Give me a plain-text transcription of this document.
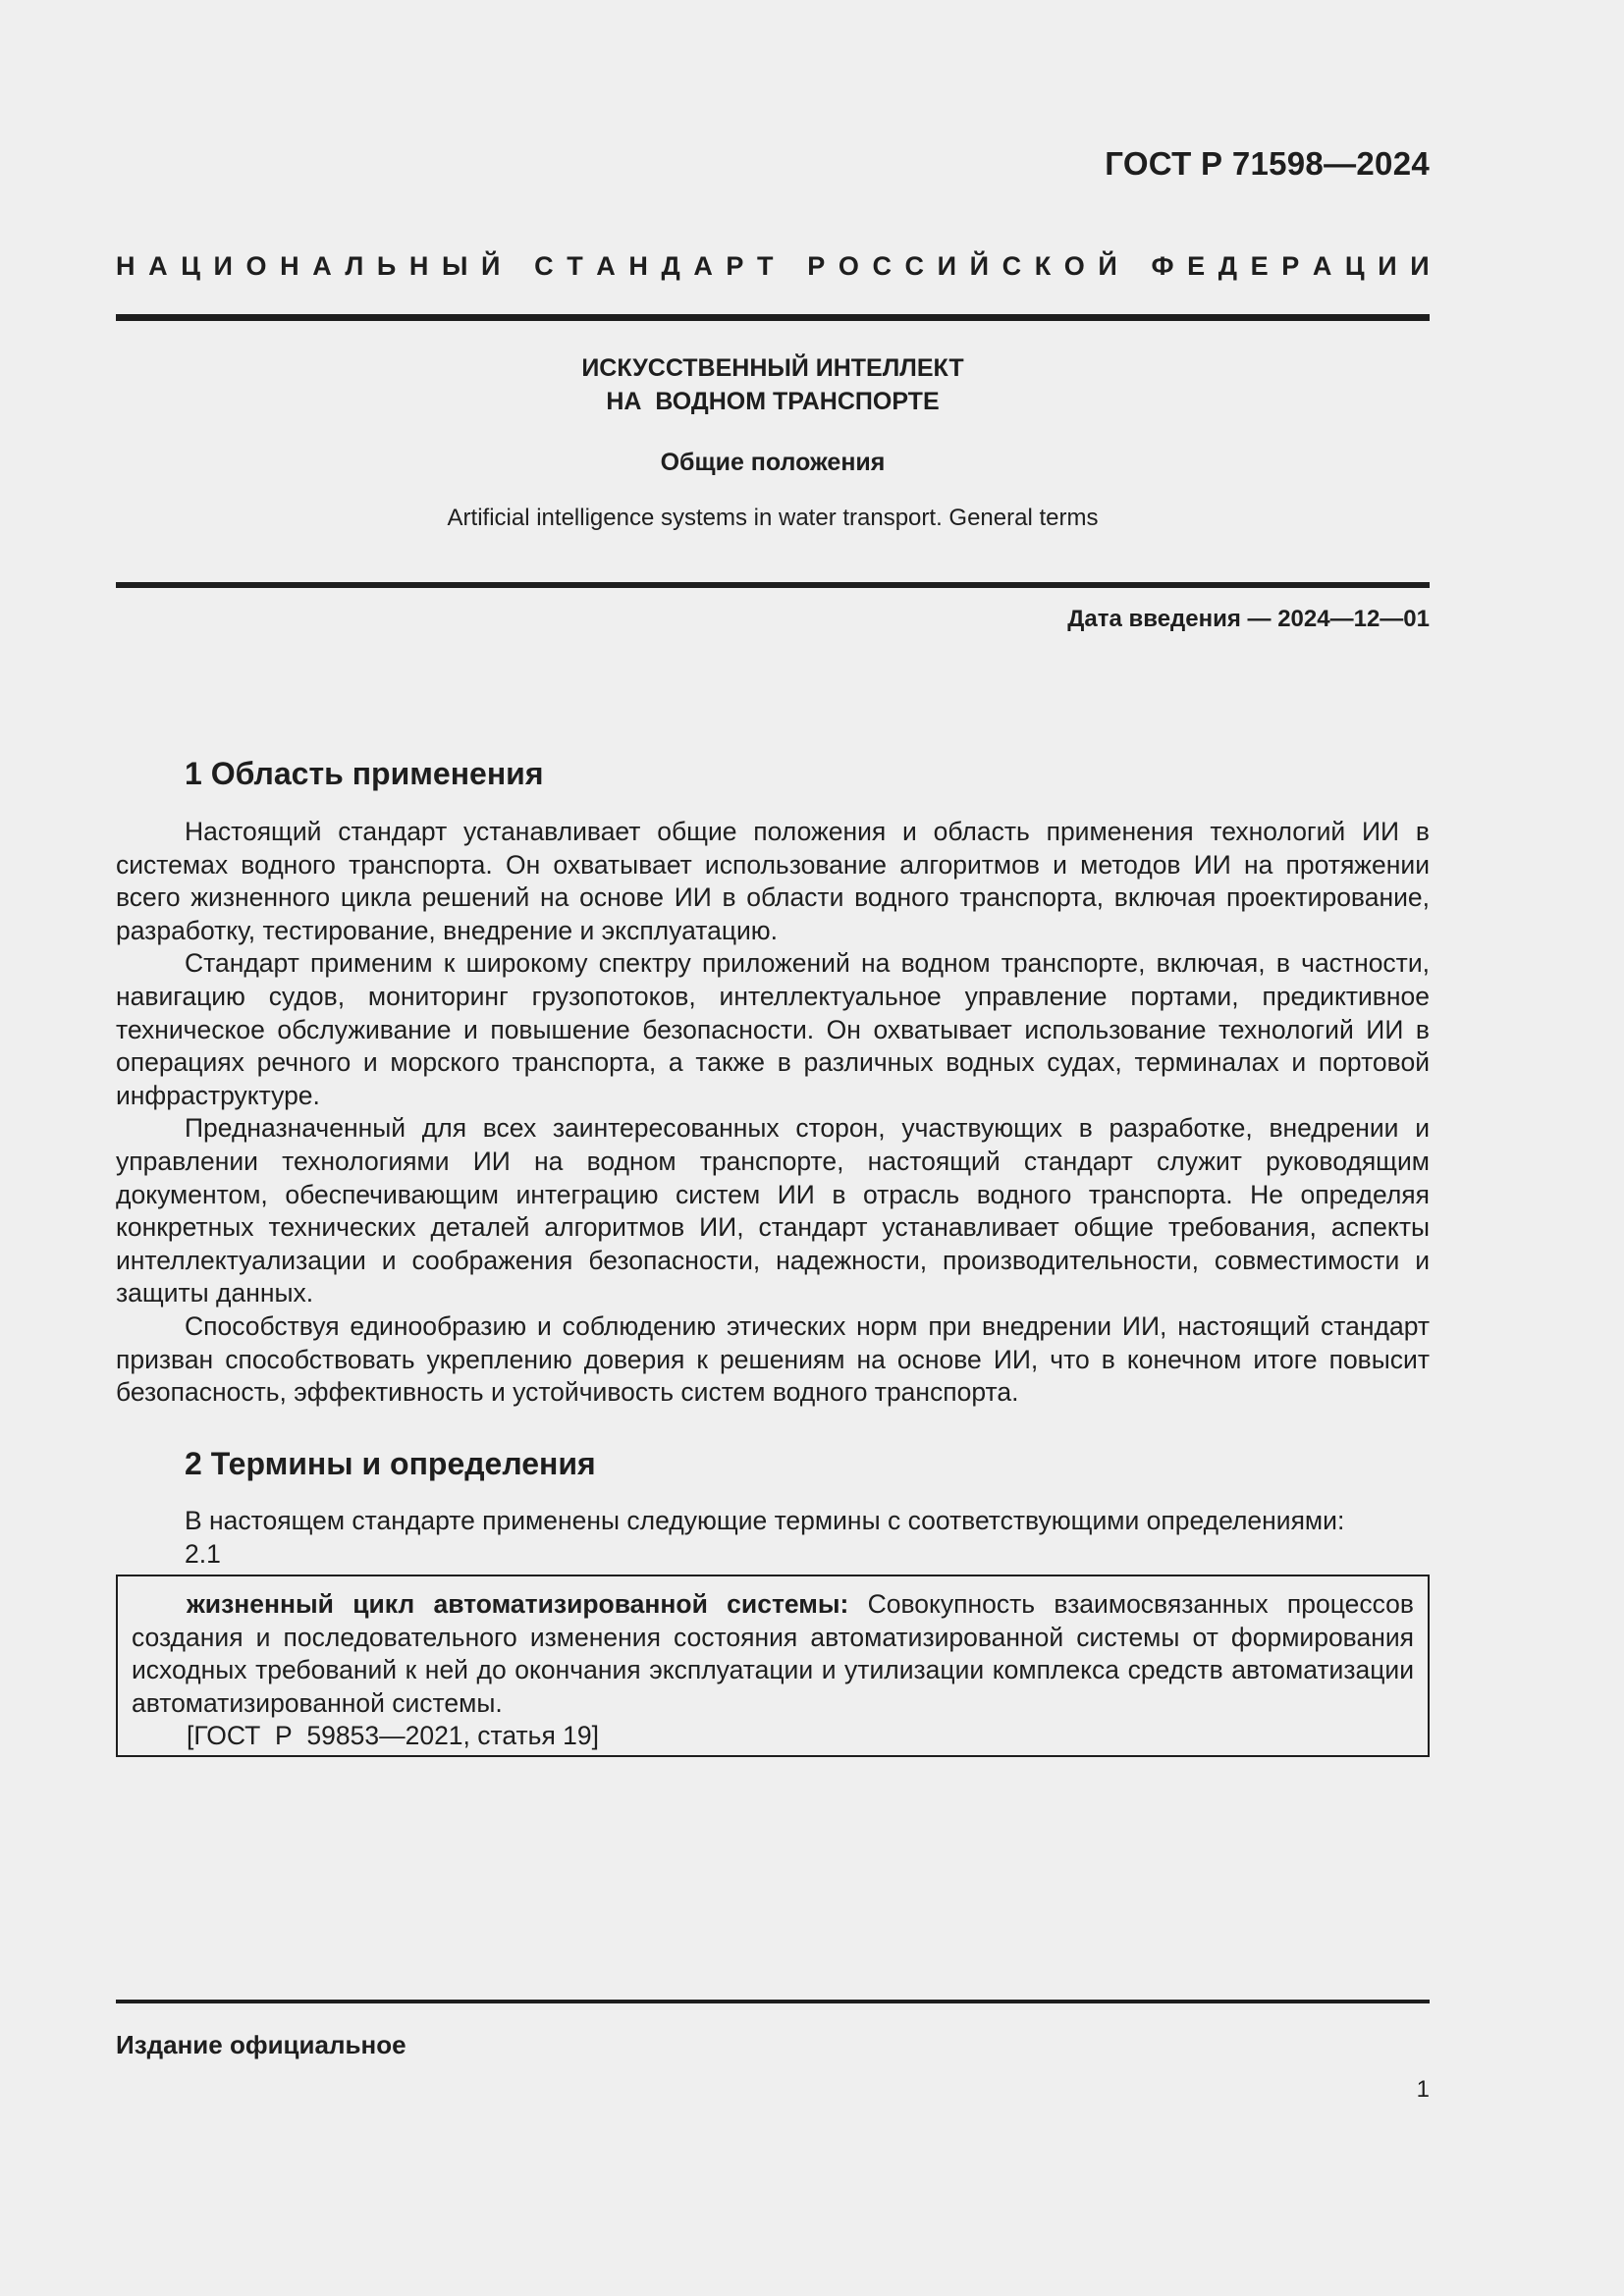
ГОСТ Р 71598—2024
Н А Ц И О Н А Л Ь Н Ы Й
С Т А Н Д А Р Т
Р О С С И Й С К О Й
Ф Е Д Е Р А Ц И И
ИСКУССТВЕННЫЙ ИНТЕЛЛЕКТ
НА  ВОДНОМ ТРАНСПОРТЕ
Общие положения
Artificial intelligence systems in water transport. General terms
Дата введения — 2024—12—01
1 Область применения

Настоящий стандарт устанавливает общие положения и область применения технологий ИИ в системах водного транспорта. Он охватывает использование алгоритмов и методов ИИ на протяжении всего жизненного цикла решений на основе ИИ в области водного транспорта, включая проектирование, разработку, тестирование, внедрение и эксплуатацию.

Стандарт применим к широкому спектру приложений на водном транспорте, включая, в частности, навигацию судов, мониторинг грузопотоков, интеллектуальное управление портами, предиктивное техническое обслуживание и повышение безопасности. Он охватывает использование технологий ИИ в операциях речного и морского транспорта, а также в различных водных судах, терминалах и портовой инфраструктуре.

Предназначенный для всех заинтересованных сторон, участвующих в разработке, внедрении и управлении технологиями ИИ на водном транспорте, настоящий стандарт служит руководящим документом, обеспечивающим интеграцию систем ИИ в отрасль водного транспорта. Не определяя конкретных технических деталей алгоритмов ИИ, стандарт устанавливает общие требования, аспекты интеллектуализации и соображения безопасности, надежности, производительности, совместимости и защиты данных.

Способствуя единообразию и соблюдению этических норм при внедрении ИИ, настоящий стандарт призван способствовать укреплению доверия к решениям на основе ИИ, что в конечном итоге повысит безопасность, эффективность и устойчивость систем водного транспорта.

2 Термины и определения
В настоящем стандарте применены следующие термины с соответствующими определениями:
2.1

жизненный цикл автоматизированной системы: Совокупность взаимосвязанных процессов создания и последовательного изменения состояния автоматизированной системы от формирования исходных требований к ней до окончания эксплуатации и утилизации комплекса средств автоматизации автоматизированной системы.

[ГОСТ  Р  59853—2021, статья 19]
Издание официальное
1
